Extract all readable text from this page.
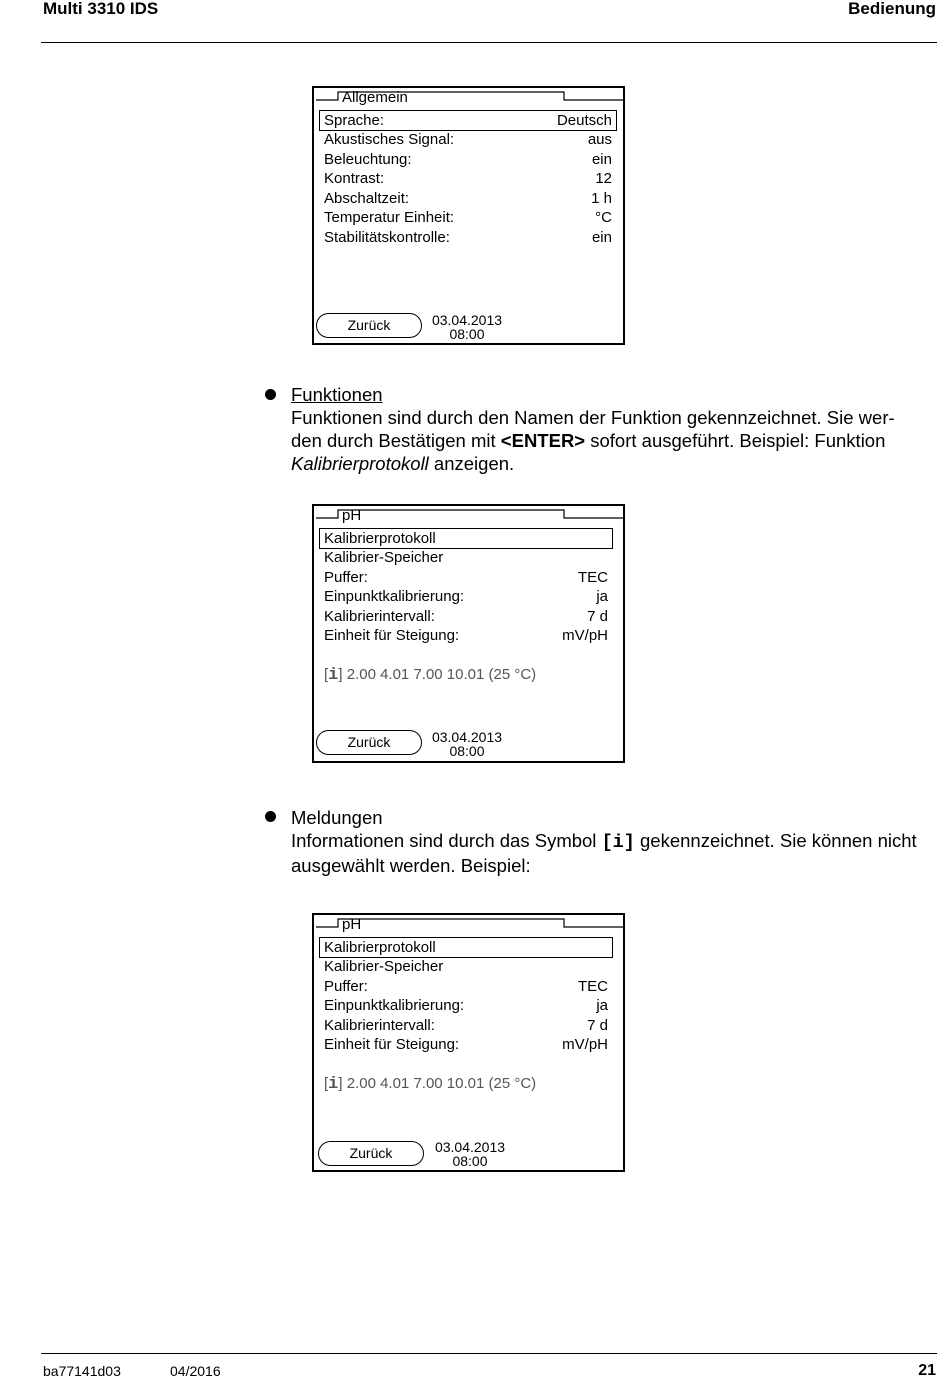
Multi 3310 IDS	Bedienung
Allgemein
Sprache:	Deutsch
Akustisches Signal:	aus
Beleuchtung:	ein
Kontrast:	12
Abschaltzeit:	1 h
Temperatur Einheit:	°C
Stabilitätskontrolle:	ein
Zurück	03.04.2013
08:00
Funktionen
Funktionen sind durch den Namen der Funktion gekennzeichnet. Sie wer-
den durch Bestätigen mit <ENTER> sofort ausgeführt. Beispiel: Funktion
Kalibrierprotokoll anzeigen.
pH
Kalibrierprotokoll
Kalibrier-Speicher
Puffer:	TEC
Einpunktkalibrierung:	ja
Kalibrierintervall:	7 d
Einheit für Steigung:	mV/pH
[i] 2.00 4.01 7.00 10.01 (25 °C)
Zurück	03.04.2013
08:00
Meldungen
Informationen sind durch das Symbol [i] gekennzeichnet. Sie können nicht
ausgewählt werden. Beispiel:
pH
Kalibrierprotokoll
Kalibrier-Speicher
Puffer:	TEC
Einpunktkalibrierung:	ja
Kalibrierintervall:	7 d
Einheit für Steigung:	mV/pH
[i] 2.00 4.01 7.00 10.01 (25 °C)
Zurück	03.04.2013
08:00
ba77141d03	04/2016	21
